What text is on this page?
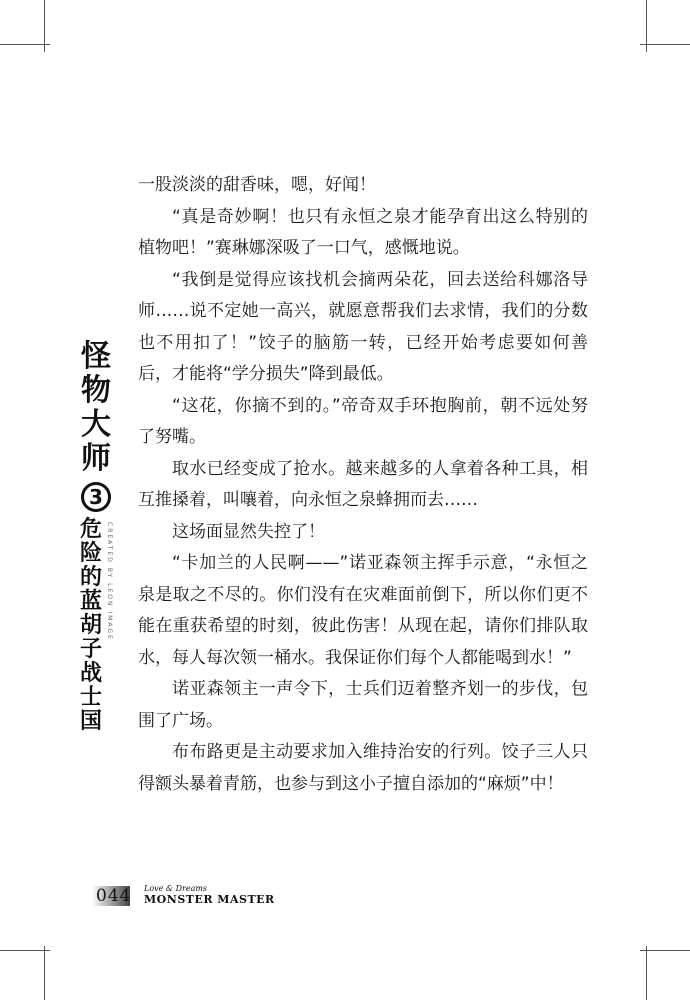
怪物大师
3
危险的蓝胡子战士国
CREATED BY LEON IMAGE

一股淡淡的甜香味，嗯，好闻！

“真是奇妙啊！也只有永恒之泉才能孕育出这么特别的植物吧！”赛琳娜深吸了一口气，感慨地说。

“我倒是觉得应该找机会摘两朵花，回去送给科娜洛导师……说不定她一高兴，就愿意帮我们去求情，我们的分数也不用扣了！”饺子的脑筋一转，已经开始考虑要如何善后，才能将“学分损失”降到最低。

“这花，你摘不到的。”帝奇双手环抱胸前，朝不远处努了努嘴。

取水已经变成了抢水。越来越多的人拿着各种工具，相互推搡着，叫嚷着，向永恒之泉蜂拥而去……

这场面显然失控了！

“卡加兰的人民啊——”诺亚森领主挥手示意，“永恒之泉是取之不尽的。你们没有在灾难面前倒下，所以你们更不能在重获希望的时刻，彼此伤害！从现在起，请你们排队取水，每人每次领一桶水。我保证你们每个人都能喝到水！”

诺亚森领主一声令下，士兵们迈着整齐划一的步伐，包围了广场。

布布路更是主动要求加入维持治安的行列。饺子三人只得额头暴着青筋，也参与到这小子擅自添加的“麻烦”中！

044 Love & Dreams
MONSTER MASTER
